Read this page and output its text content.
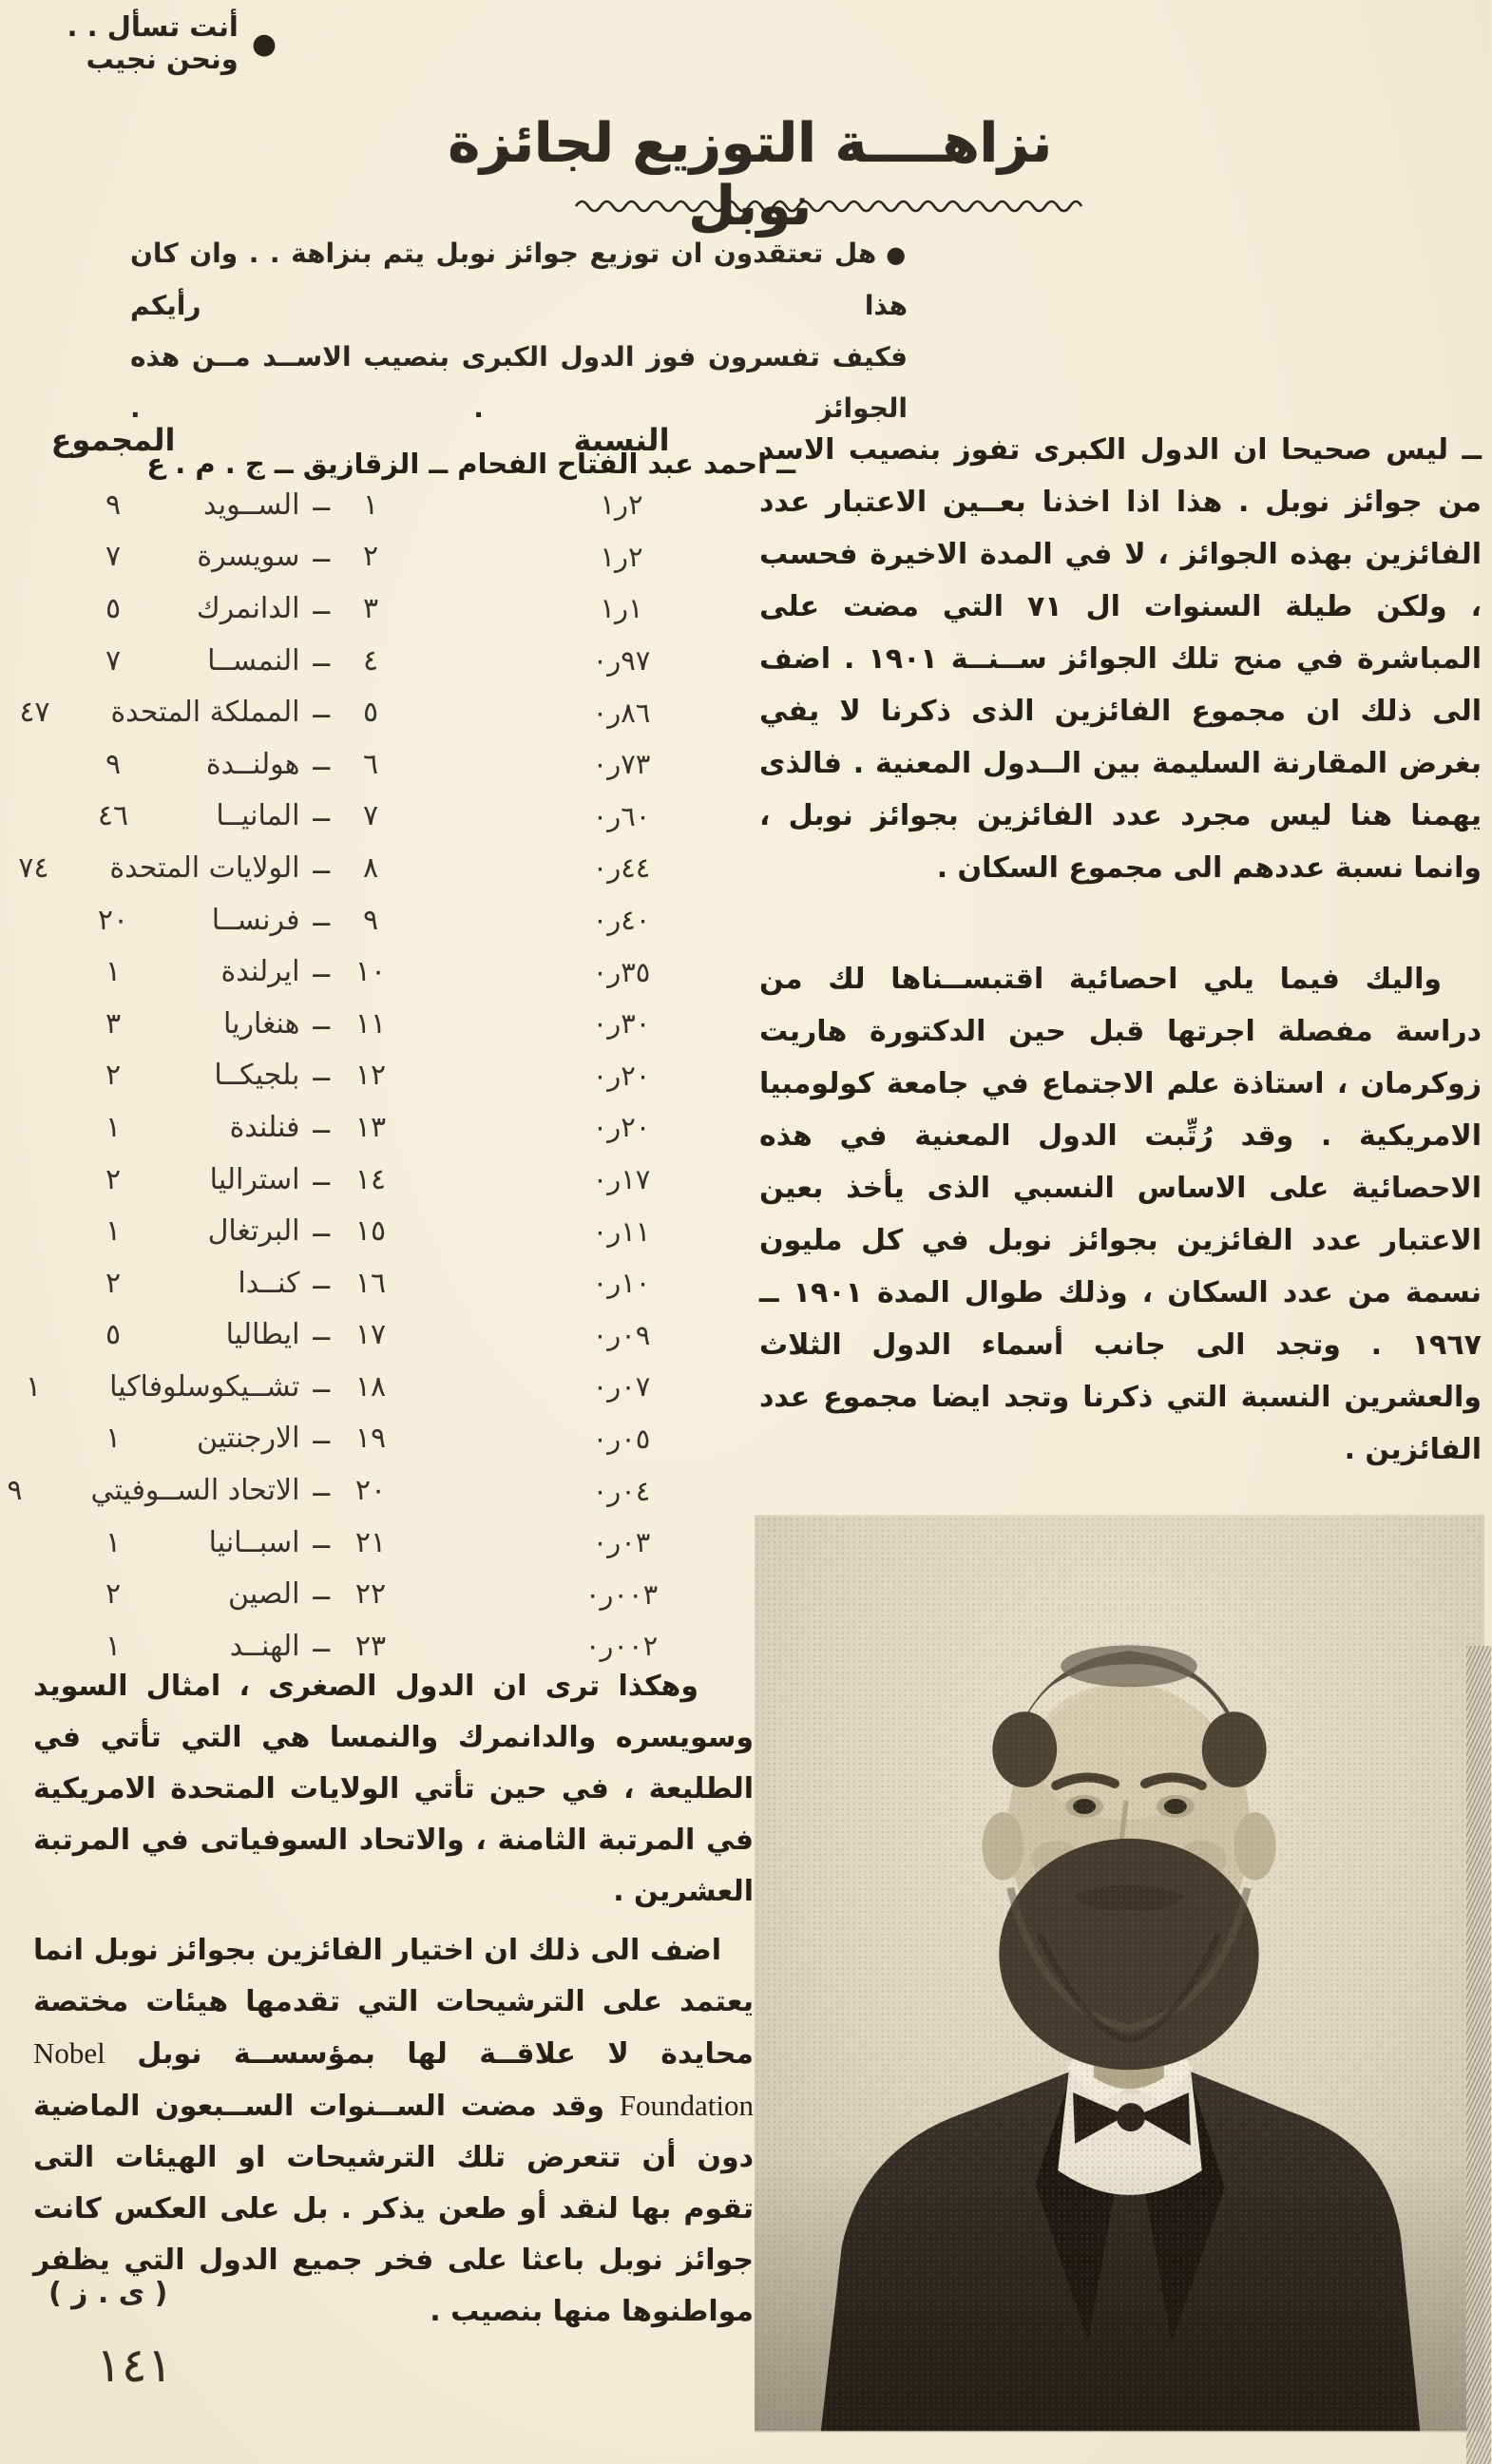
●
أنت تسأل . . ونحن نجيب
نزاهــــة التوزيع لجائزة نوبل
●هل تعتقدون ان توزيع جوائز نوبل يتم بنزاهة . . وان كان هذا رأيكم
فكيف تفسرون فوز الدول الكبرى بنصيب الاســد مــن هذه الجوائز . .
ــ احمد عبد الفتاح الفحام ــ الزقازيق ــ ج . م . ع
النسبة
المجموع
١ر٢
١
ــ
الســويد
٩
١ر٢
٢
ــ
سويسرة
٧
١ر١
٣
ــ
الدانمرك
٥
٠ر٩٧
٤
ــ
النمســا
٧
٠ر٨٦
٥
ــ
المملكة المتحدة
٤٧
٠ر٧٣
٦
ــ
هولنــدة
٩
٠ر٦٠
٧
ــ
المانيــا
٤٦
٠ر٤٤
٨
ــ
الولايات المتحدة
٧٤
٠ر٤٠
٩
ــ
فرنســا
٢٠
٠ر٣٥
١٠
ــ
ايرلندة
١
٠ر٣٠
١١
ــ
هنغاريا
٣
٠ر٢٠
١٢
ــ
بلجيكــا
٢
٠ر٢٠
١٣
ــ
فنلندة
١
٠ر١٧
١٤
ــ
استراليا
٢
٠ر١١
١٥
ــ
البرتغال
١
٠ر١٠
١٦
ــ
كنــدا
٢
٠ر٠٩
١٧
ــ
ايطاليا
٥
٠ر٠٧
١٨
ــ
تشــيكوسلوفاكيا
١
٠ر٠٥
١٩
ــ
الارجنتين
١
٠ر٠٤
٢٠
ــ
الاتحاد الســوفيتي
٩
٠ر٠٣
٢١
ــ
اسبــانيا
١
٠ر٠٠٣
٢٢
ــ
الصين
٢
٠ر٠٠٢
٢٣
ــ
الهنــد
١

ــ ليس صحيحا ان الدول الكبرى تفوز بنصيب الاسد من جوائز نوبل . هذا اذا اخذنا بعــين الاعتبار عدد الفائزين بهذه الجوائز ، لا في المدة الاخيرة فحسب ، ولكن طيلة السنوات ال ٧١ التي مضت على المباشرة في منح تلك الجوائز ســنــة ١٩٠١ . اضف الى ذلك ان مجموع الفائزين الذى ذكرنا لا يفي بغرض المقارنة السليمة بين الــدول المعنية . فالذى يهمنا هنا ليس مجرد عدد الفائزين بجوائز نوبل ، وانما نسبة عددهم الى مجموع السكان .

واليك فيما يلي احصائية اقتبســناها لك من دراسة مفصلة اجرتها قبل حين الدكتورة هاريت زوكرمان ، استاذة علم الاجتماع في جامعة كولومبيا الامريكية . وقد رُتِّبت الدول المعنية في هذه الاحصائية على الاساس النسبي الذى يأخذ بعين الاعتبار عدد الفائزين بجوائز نوبل في كل مليون نسمة من عدد السكان ، وذلك طوال المدة ١٩٠١ ــ ١٩٦٧ . وتجد الى جانب أسماء الدول الثلاث والعشرين النسبة التي ذكرنا وتجد ايضا مجموع عدد الفائزين .

وهكذا ترى ان الدول الصغرى ، امثال السويد وسويسره والدانمرك والنمسا هي التي تأتي في الطليعة ، في حين تأتي الولايات المتحدة الامريكية في المرتبة الثامنة ، والاتحاد السوفياتى في المرتبة العشرين .

اضف الى ذلك ان اختيار الفائزين بجوائز نوبل انما يعتمد على الترشيحات التي تقدمها هيئات مختصة محايدة لا علاقــة لها بمؤسســة نوبل Nobel Foundation وقد مضت الســنوات الســبعون الماضية دون أن تتعرض تلك الترشيحات او الهيئات التى تقوم بها لنقد أو طعن يذكر . بل على العكس كانت جوائز نوبل باعثا على فخر جميع الدول التي يظفر مواطنوها منها بنصيب .

( ى . ز )
١٤١
